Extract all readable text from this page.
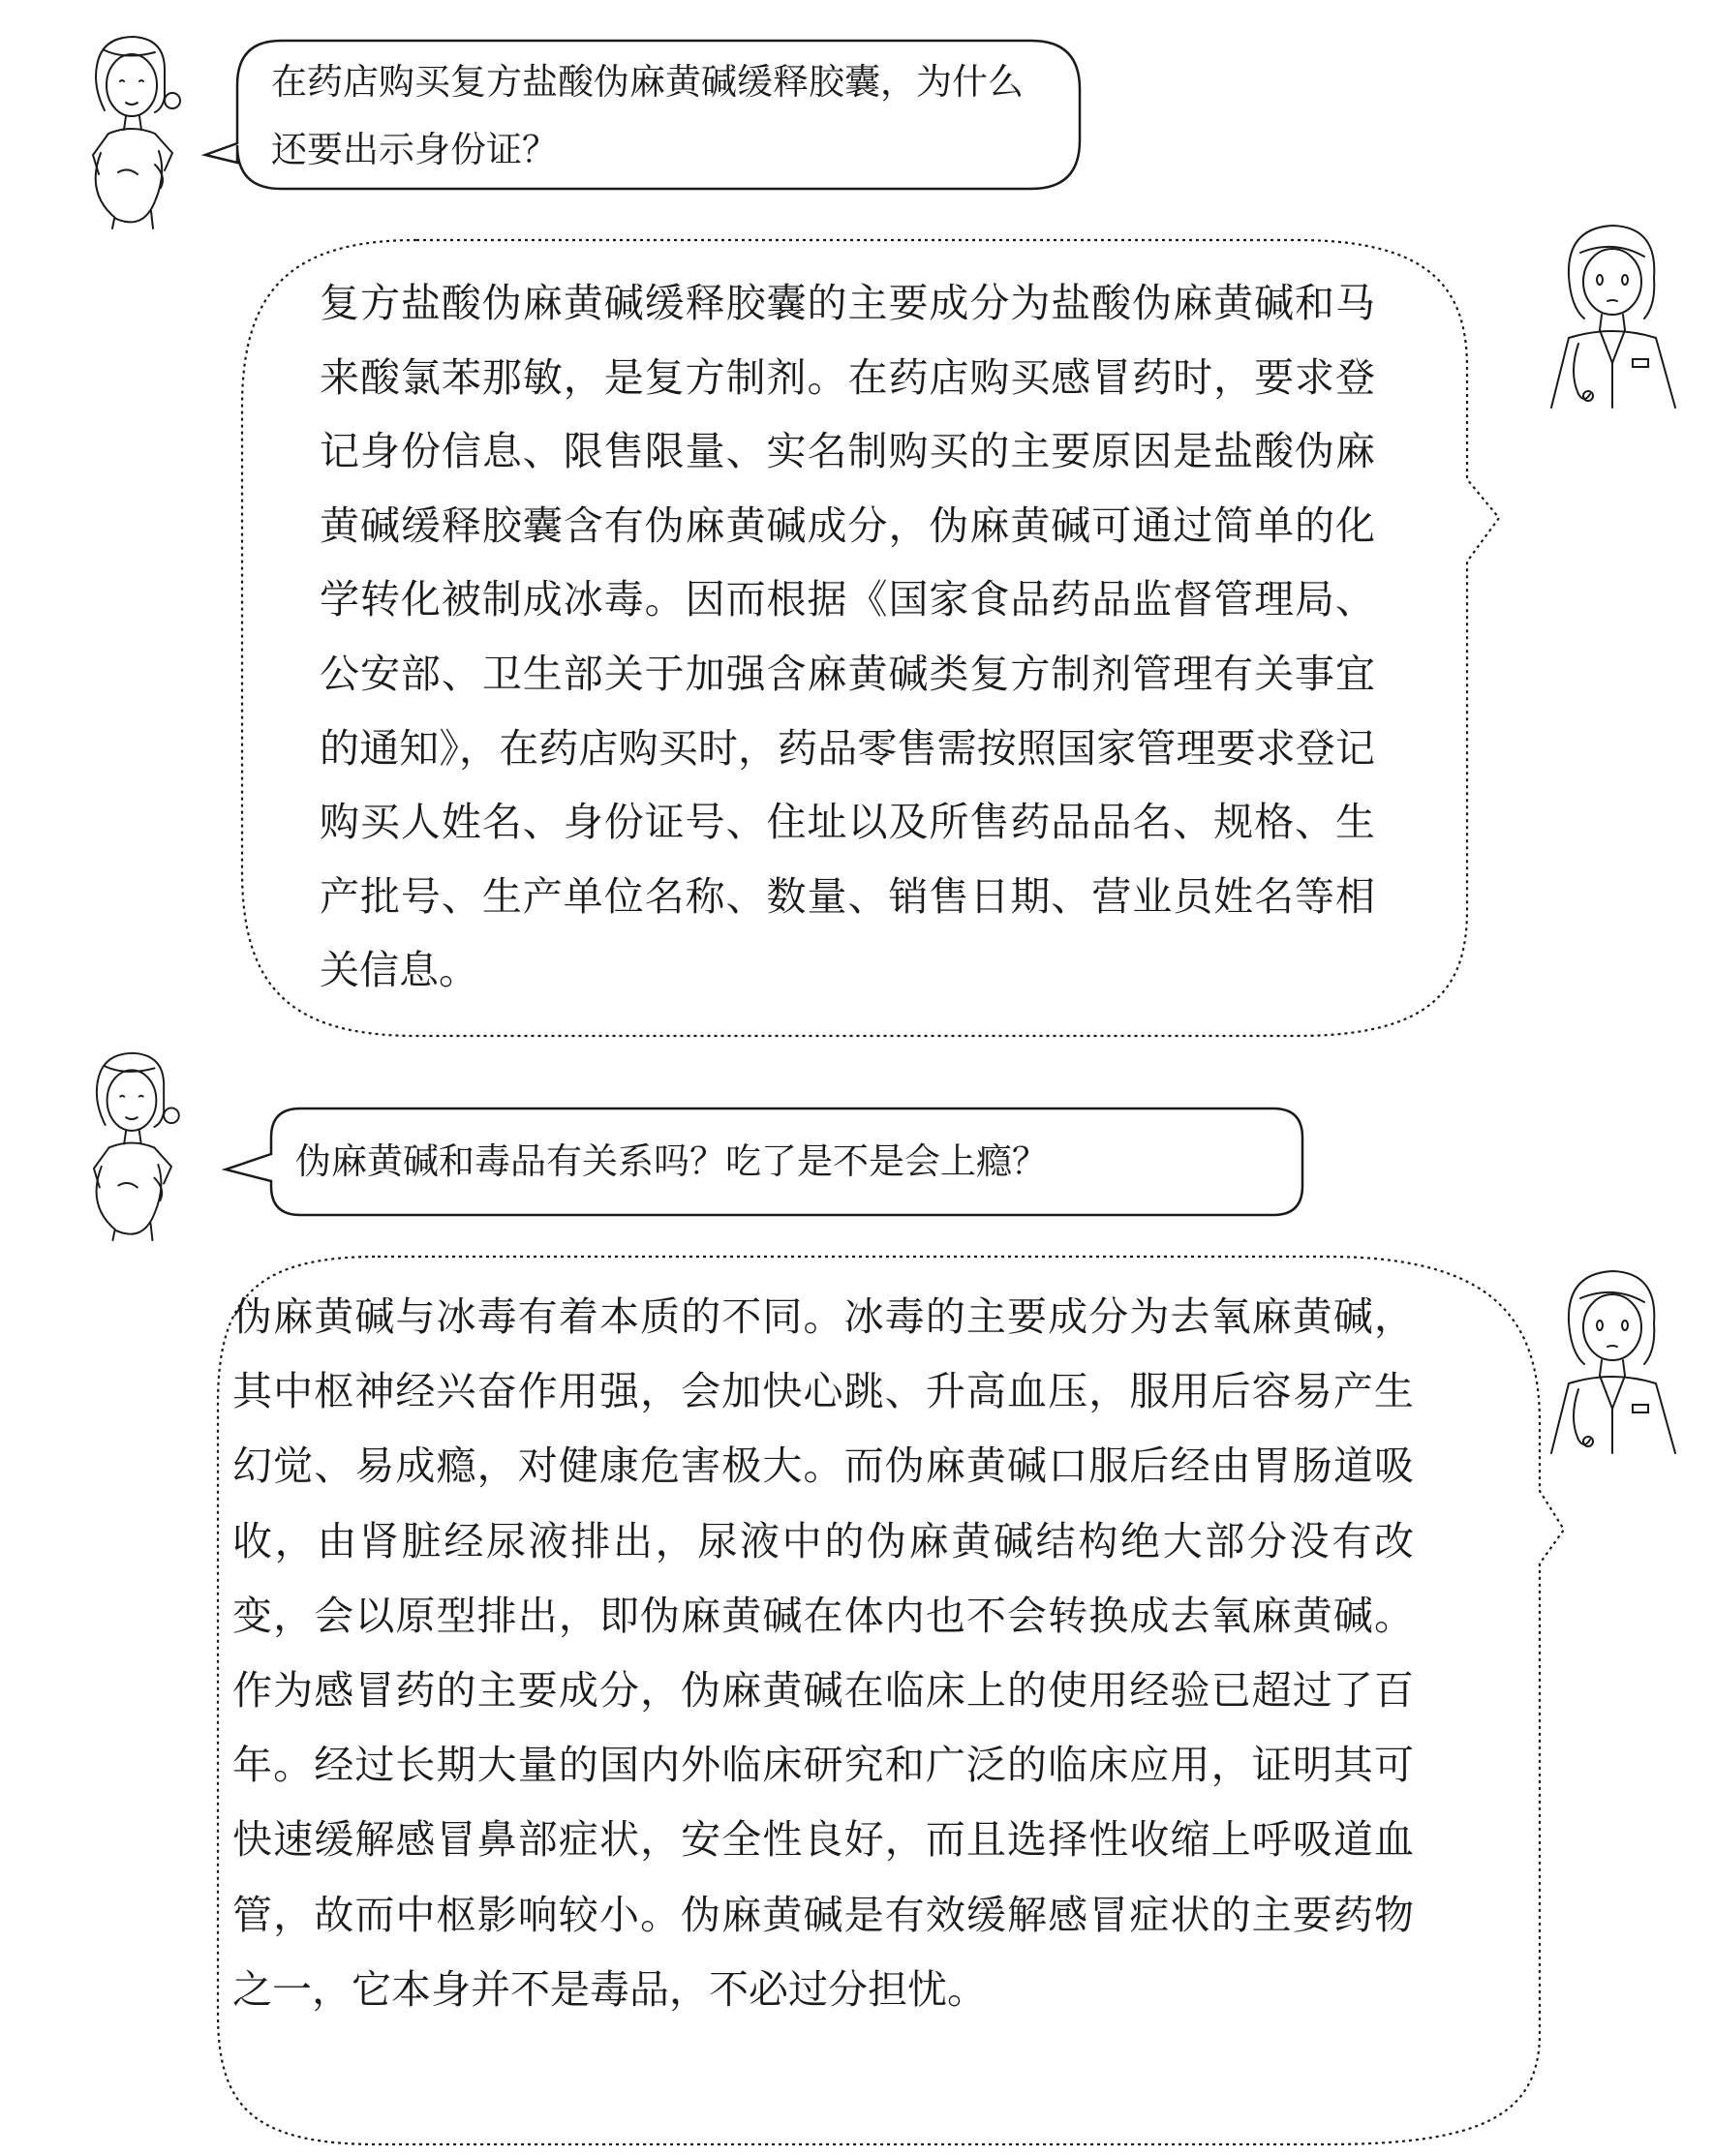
在药店购买复方盐酸伪麻黄碱缓释胶囊，为什么还要出示身份证？
复方盐酸伪麻黄碱缓释胶囊的主要成分为盐酸伪麻黄碱和马来酸氯苯那敏，是复方制剂。在药店购买感冒药时，要求登记身份信息、限售限量、实名制购买的主要原因是盐酸伪麻黄碱缓释胶囊含有伪麻黄碱成分，伪麻黄碱可通过简单的化学转化被制成冰毒。因而根据《国家食品药品监督管理局、公安部、卫生部关于加强含麻黄碱类复方制剂管理有关事宜的通知》，在药店购买时，药品零售需按照国家管理要求登记购买人姓名、身份证号、住址以及所售药品品名、规格、生产批号、生产单位名称、数量、销售日期、营业员姓名等相关信息。
伪麻黄碱和毒品有关系吗？吃了是不是会上瘾？
伪麻黄碱与冰毒有着本质的不同。冰毒的主要成分为去氧麻黄碱，其中枢神经兴奋作用强，会加快心跳、升高血压，服用后容易产生幻觉、易成瘾，对健康危害极大。而伪麻黄碱口服后经由胃肠道吸收，由肾脏经尿液排出，尿液中的伪麻黄碱结构绝大部分没有改变，会以原型排出，即伪麻黄碱在体内也不会转换成去氧麻黄碱。作为感冒药的主要成分，伪麻黄碱在临床上的使用经验已超过了百年。经过长期大量的国内外临床研究和广泛的临床应用，证明其可快速缓解感冒鼻部症状，安全性良好，而且选择性收缩上呼吸道血管，故而中枢影响较小。伪麻黄碱是有效缓解感冒症状的主要药物之一，它本身并不是毒品，不必过分担忧。
